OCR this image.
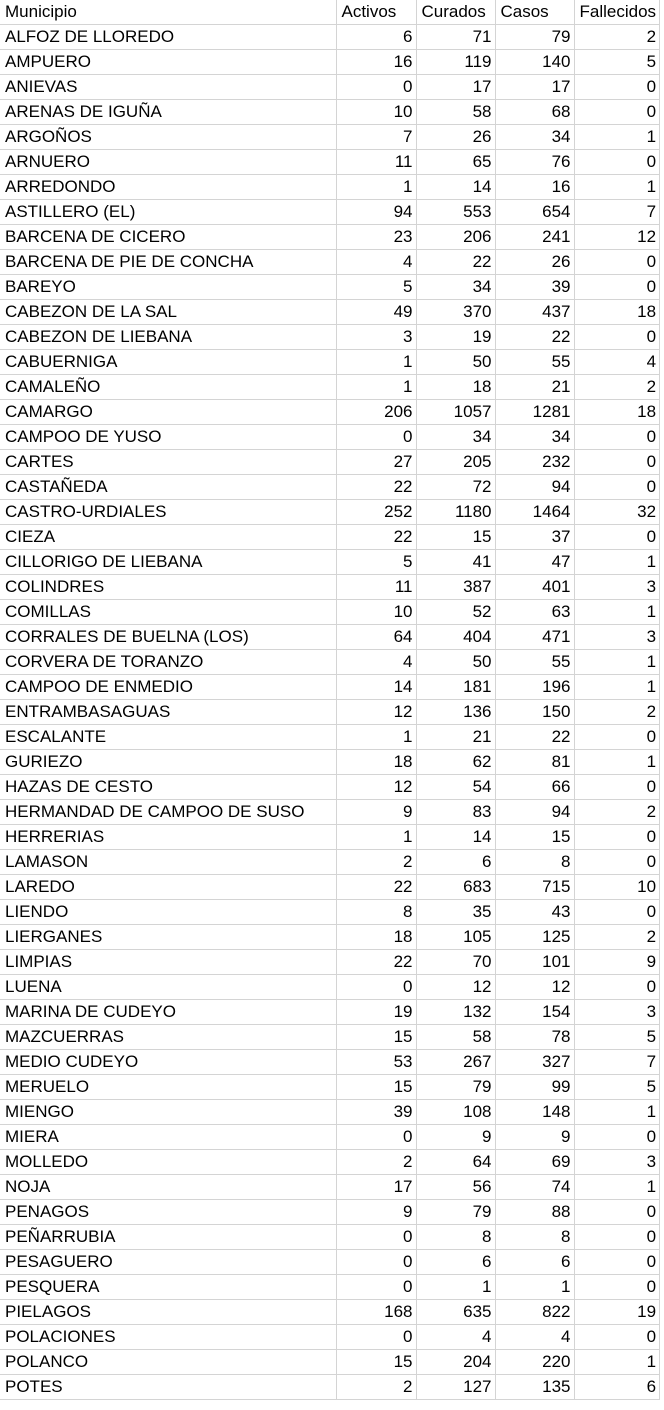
Municipio	Activos	Curados	Casos	Fallecidos
ALFOZ DE LLOREDO	6	71	79	2
AMPUERO	16	119	140	5
ANIEVAS	0	17	17	0
ARENAS DE IGUÑA	10	58	68	0
ARGOÑOS	7	26	34	1
ARNUERO	11	65	76	0
ARREDONDO	1	14	16	1
ASTILLERO (EL)	94	553	654	7
BARCENA DE CICERO	23	206	241	12
BARCENA DE PIE DE CONCHA	4	22	26	0
BAREYO	5	34	39	0
CABEZON DE LA SAL	49	370	437	18
CABEZON DE LIEBANA	3	19	22	0
CABUERNIGA	1	50	55	4
CAMALEÑO	1	18	21	2
CAMARGO	206	1057	1281	18
CAMPOO DE YUSO	0	34	34	0
CARTES	27	205	232	0
CASTAÑEDA	22	72	94	0
CASTRO-URDIALES	252	1180	1464	32
CIEZA	22	15	37	0
CILLORIGO DE LIEBANA	5	41	47	1
COLINDRES	11	387	401	3
COMILLAS	10	52	63	1
CORRALES DE BUELNA (LOS)	64	404	471	3
CORVERA DE TORANZO	4	50	55	1
CAMPOO DE ENMEDIO	14	181	196	1
ENTRAMBASAGUAS	12	136	150	2
ESCALANTE	1	21	22	0
GURIEZO	18	62	81	1
HAZAS DE CESTO	12	54	66	0
HERMANDAD DE CAMPOO DE SUSO	9	83	94	2
HERRERIAS	1	14	15	0
LAMASON	2	6	8	0
LAREDO	22	683	715	10
LIENDO	8	35	43	0
LIERGANES	18	105	125	2
LIMPIAS	22	70	101	9
LUENA	0	12	12	0
MARINA DE CUDEYO	19	132	154	3
MAZCUERRAS	15	58	78	5
MEDIO CUDEYO	53	267	327	7
MERUELO	15	79	99	5
MIENGO	39	108	148	1
MIERA	0	9	9	0
MOLLEDO	2	64	69	3
NOJA	17	56	74	1
PENAGOS	9	79	88	0
PEÑARRUBIA	0	8	8	0
PESAGUERO	0	6	6	0
PESQUERA	0	1	1	0
PIELAGOS	168	635	822	19
POLACIONES	0	4	4	0
POLANCO	15	204	220	1
POTES	2	127	135	6
